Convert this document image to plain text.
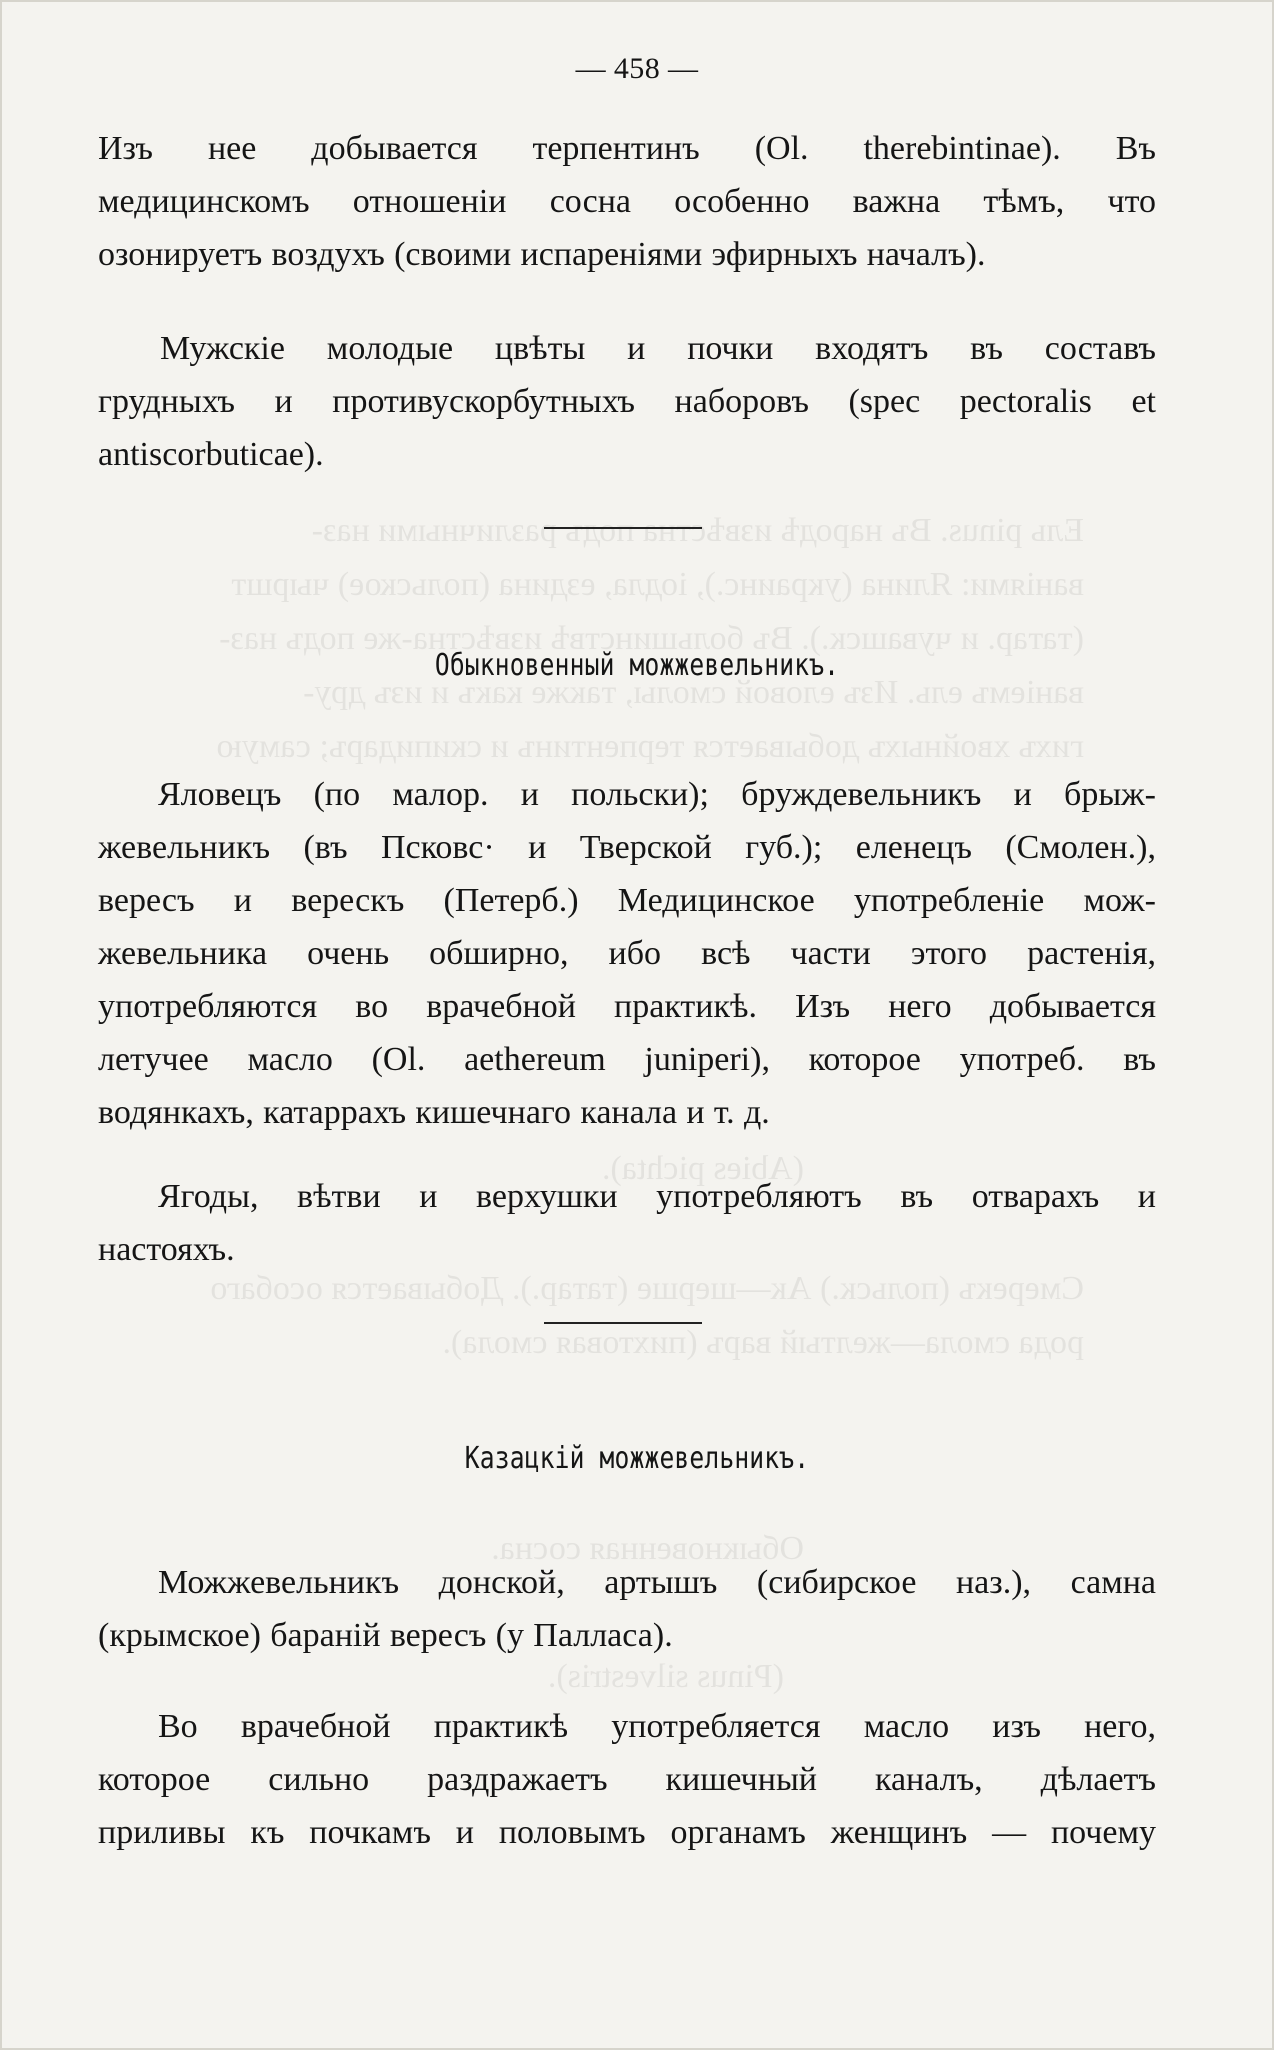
Ель pinus. Въ народѣ извѣстна подъ различными наз-
ваніями: Ялина (украинс.), iодла, ездина (польское) чыршт
(татар. и чувашск.). Въ большинствѣ извѣстна-же подъ наз-
ваніемъ ель. Изъ еловой смолы, также какъ и изъ дру-
гихъ хвойныхъ добывается терпентинъ и скипидаръ; самую
(Abies pichta).
Смерекъ (польск.) Ак—шерше (татар.). Добывается особаго
рода смола—желтый варъ (пихтовая смола).
Обыкновенная сосна.
(Pinus silvestris).
— 458 —
Изъ нее добывается терпентинъ (Ol. therebintinae). Въ
медицинскомъ отношеніи сосна особенно важна тѣмъ, что
озонируетъ воздухъ (своими испареніями эфирныхъ началъ).
Мужскіе молодые цвѣты и почки входятъ въ составъ
грудныхъ и противускорбутныхъ наборовъ (spec pectoralis et
antiscorbuticae).
Обыкновенный можжевельникъ.
Яловецъ (по малор. и польски); бруждевельникъ и брыж-
жевельникъ (въ Псковс· и Тверской губ.); еленецъ (Смолен.),
вересъ и верескъ (Петерб.) Медицинское употребленіе мож-
жевельника очень обширно, ибо всѣ части этого растенія,
употребляются во врачебной практикѣ. Изъ него добывается
летучее масло (Ol. aethereum juniperi), которое употреб. въ
водянкахъ, катаррахъ кишечнаго канала и т. д.
Ягоды, вѣтви и верхушки употребляютъ въ отварахъ и
настояхъ.
Казацкій можжевельникъ.
Можжевельникъ донской, артышъ (сибирское наз.), самна
(крымское) бараній вересъ (у Палласа).
Во врачебной практикѣ употребляется масло изъ него,
которое сильно раздражаетъ кишечный каналъ, дѣлаетъ
приливы къ почкамъ и половымъ органамъ женщинъ — почему
